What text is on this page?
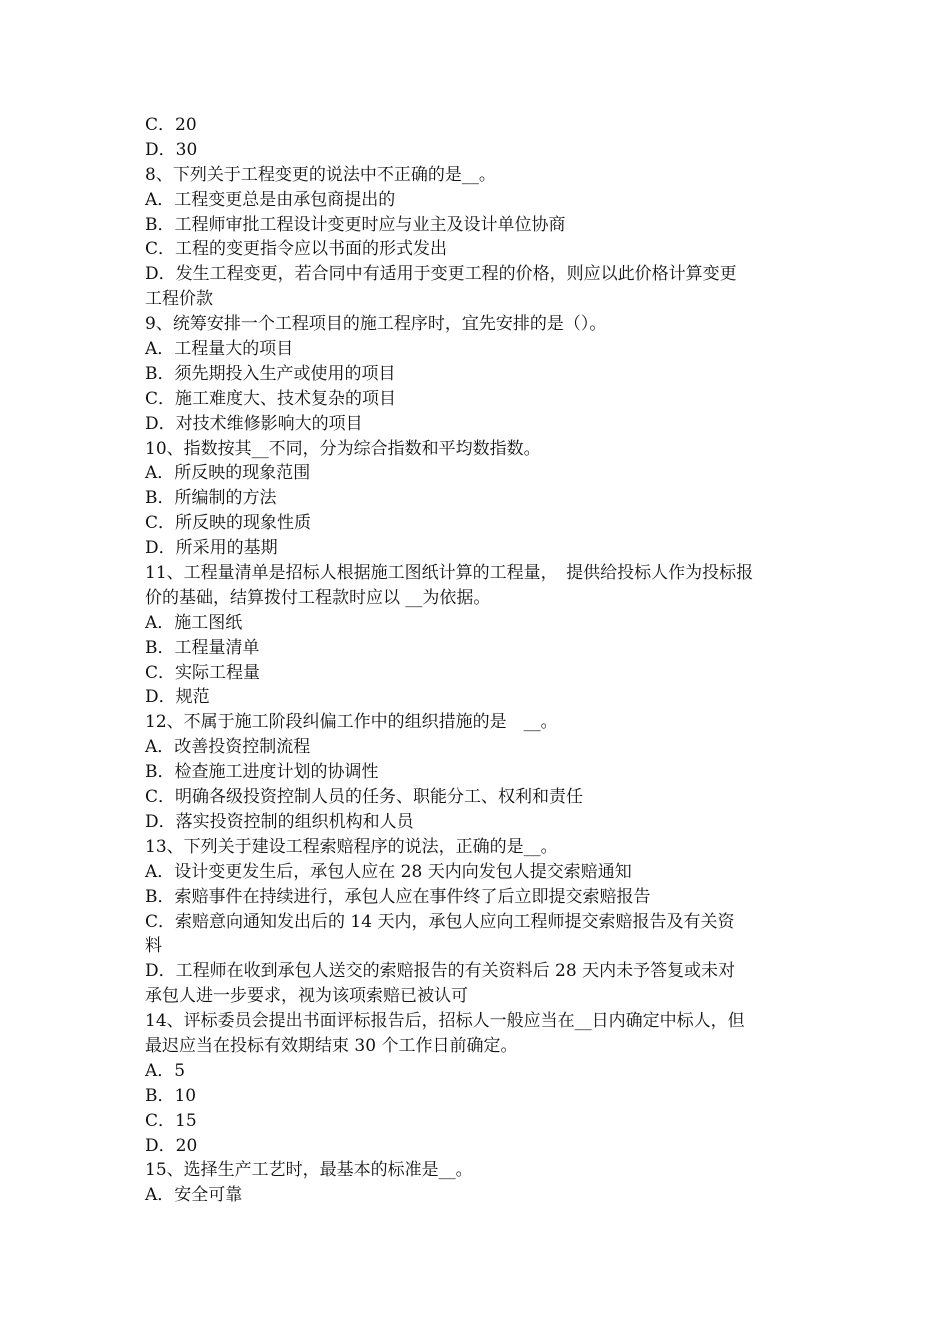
C．20
D．30
8、下列关于工程变更的说法中不正确的是__。
A．工程变更总是由承包商提出的
B．工程师审批工程设计变更时应与业主及设计单位协商
C．工程的变更指令应以书面的形式发出
D．发生工程变更，若合同中有适用于变更工程的价格，则应以此价格计算变更
工程价款
9、统筹安排一个工程项目的施工程序时，宜先安排的是（）。
A．工程量大的项目
B．须先期投入生产或使用的项目
C．施工难度大、技术复杂的项目
D．对技术维修影响大的项目
10、指数按其__不同，分为综合指数和平均数指数。
A．所反映的现象范围
B．所编制的方法
C．所反映的现象性质
D．所采用的基期
11、工程量清单是招标人根据施工图纸计算的工程量，　提供给投标人作为投标报
价的基础，结算拨付工程款时应以 __为依据。
A．施工图纸
B．工程量清单
C．实际工程量
D．规范
12、不属于施工阶段纠偏工作中的组织措施的是　__。
A．改善投资控制流程
B．检查施工进度计划的协调性
C．明确各级投资控制人员的任务、职能分工、权利和责任
D．落实投资控制的组织机构和人员
13、下列关于建设工程索赔程序的说法，正确的是__。
A．设计变更发生后，承包人应在 28 天内向发包人提交索赔通知
B．索赔事件在持续进行，承包人应在事件终了后立即提交索赔报告
C．索赔意向通知发出后的 14 天内，承包人应向工程师提交索赔报告及有关资
料
D．工程师在收到承包人送交的索赔报告的有关资料后 28 天内未予答复或未对
承包人进一步要求，视为该项索赔已被认可
14、评标委员会提出书面评标报告后，招标人一般应当在__日内确定中标人，但
最迟应当在投标有效期结束 30 个工作日前确定。
A．5
B．10
C．15
D．20
15、选择生产工艺时，最基本的标准是__。
A．安全可靠
